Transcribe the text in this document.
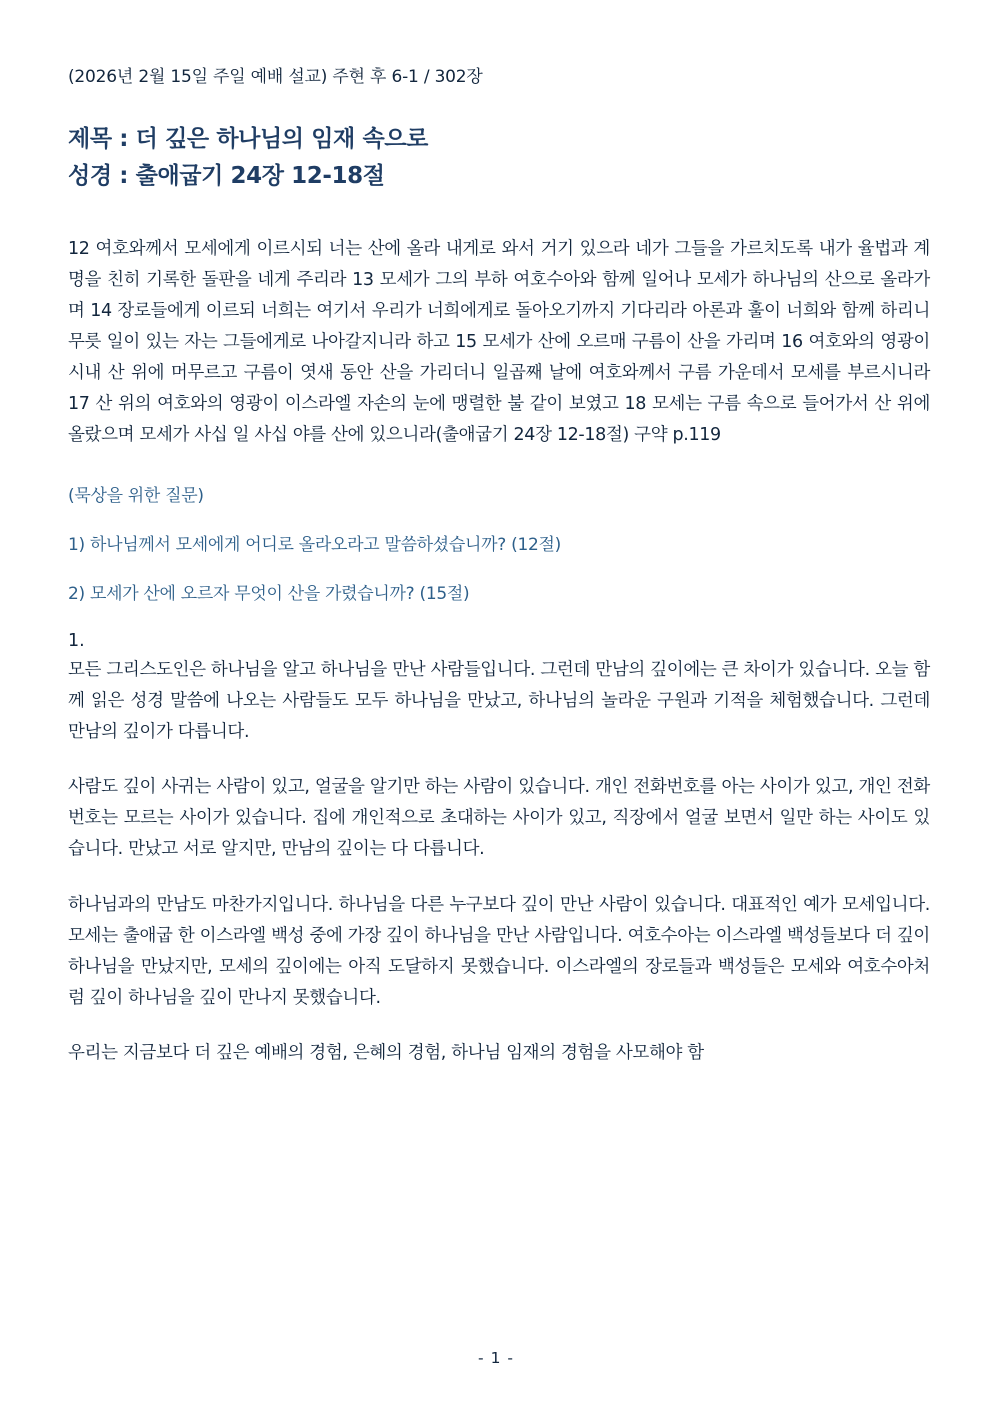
(2026년 2월 15일 주일 예배 설교) 주현 후 6-1 / 302장
제목 : 더 깊은 하나님의 임재 속으로
성경 : 출애굽기 24장 12-18절
12 여호와께서 모세에게 이르시되 너는 산에 올라 내게로 와서 거기 있으라 네가 그들을 가르치도록 내가 율법과 계명을 친히 기록한 돌판을 네게 주리라 13 모세가 그의 부하 여호수아와 함께 일어나 모세가 하나님의 산으로 올라가며 14 장로들에게 이르되 너희는 여기서 우리가 너희에게로 돌아오기까지 기다리라 아론과 훌이 너희와 함께 하리니 무릇 일이 있는 자는 그들에게로 나아갈지니라 하고 15 모세가 산에 오르매 구름이 산을 가리며 16 여호와의 영광이 시내 산 위에 머무르고 구름이 엿새 동안 산을 가리더니 일곱째 날에 여호와께서 구름 가운데서 모세를 부르시니라 17 산 위의 여호와의 영광이 이스라엘 자손의 눈에 맹렬한 불 같이 보였고 18 모세는 구름 속으로 들어가서 산 위에 올랐으며 모세가 사십 일 사십 야를 산에 있으니라(출애굽기 24장 12-18절) 구약 p.119
(묵상을 위한 질문)
1) 하나님께서 모세에게 어디로 올라오라고 말씀하셨습니까? (12절)
2) 모세가 산에 오르자 무엇이 산을 가렸습니까? (15절)
1.

모든 그리스도인은 하나님을 알고 하나님을 만난 사람들입니다. 그런데 만남의 깊이에는 큰 차이가 있습니다. 오늘 함께 읽은 성경 말씀에 나오는 사람들도 모두 하나님을 만났고, 하나님의 놀라운 구원과 기적을 체험했습니다. 그런데 만남의 깊이가 다릅니다.

사람도 깊이 사귀는 사람이 있고, 얼굴을 알기만 하는 사람이 있습니다. 개인 전화번호를 아는 사이가 있고, 개인 전화번호는 모르는 사이가 있습니다. 집에 개인적으로 초대하는 사이가 있고, 직장에서 얼굴 보면서 일만 하는 사이도 있습니다. 만났고 서로 알지만, 만남의 깊이는 다 다릅니다.

하나님과의 만남도 마찬가지입니다. 하나님을 다른 누구보다 깊이 만난 사람이 있습니다. 대표적인 예가 모세입니다. 모세는 출애굽 한 이스라엘 백성 중에 가장 깊이 하나님을 만난 사람입니다. 여호수아는 이스라엘 백성들보다 더 깊이 하나님을 만났지만, 모세의 깊이에는 아직 도달하지 못했습니다. 이스라엘의 장로들과 백성들은 모세와 여호수아처럼 깊이 하나님을 깊이 만나지 못했습니다.

우리는 지금보다 더 깊은 예배의 경험, 은혜의 경험, 하나님 임재의 경험을 사모해야 함

- 1 -
